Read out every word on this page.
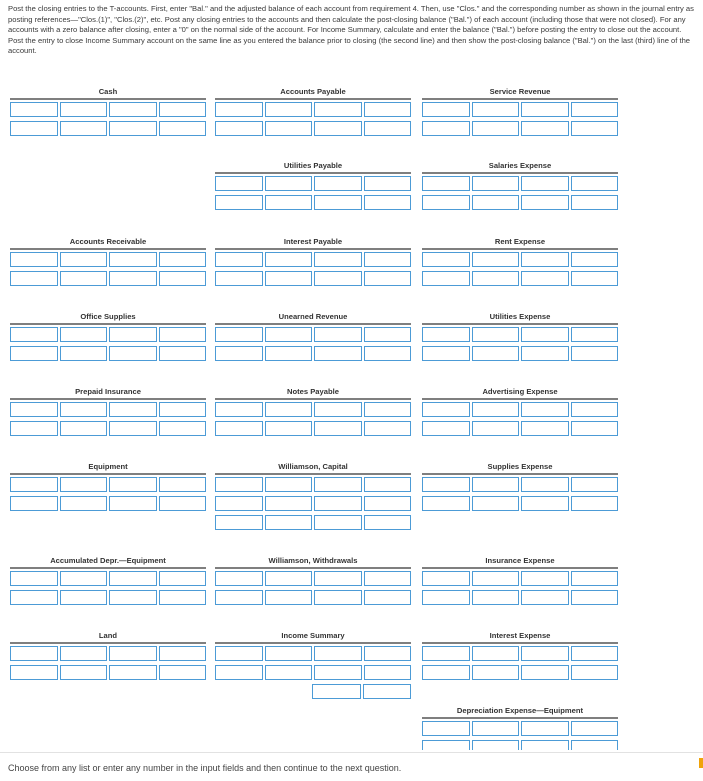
Post the closing entries to the T-accounts. First, enter "Bal." and the adjusted balance of each account from requirement 4. Then, use "Clos." and the corresponding number as shown in the journal entry as posting references—"Clos.(1)", "Clos.(2)", etc. Post any closing entries to the accounts and then calculate the post-closing balance ("Bal.") of each account (including those that were not closed). For any accounts with a zero balance after closing, enter a "0" on the normal side of the account. For Income Summary, calculate and enter the balance ("Bal.") before posting the entry to close out the account. Post the entry to close Income Summary account on the same line as you entered the balance prior to closing (the second line) and then show the post-closing balance ("Bal.") on the last (third) line of the account.
Cash	Accounts Payable	Service Revenue
Utilities Payable	Salaries Expense
Accounts Receivable	Interest Payable	Rent Expense
Office Supplies	Unearned Revenue	Utilities Expense
Prepaid Insurance	Notes Payable	Advertising Expense
Equipment	Williamson, Capital	Supplies Expense
Accumulated Depr.—Equipment	Williamson, Withdrawals	Insurance Expense
Land	Income Summary	Interest Expense
Depreciation Expense—Equipment
Choose from any list or enter any number in the input fields and then continue to the next question.
